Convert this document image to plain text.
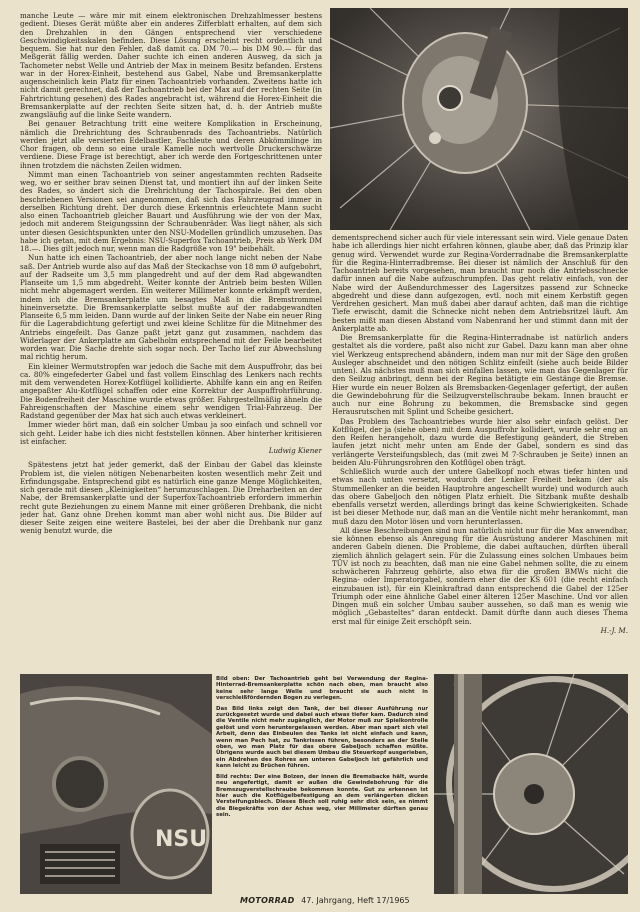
manche Leute — wäre mir mit einem elektronischen Drehzahlmesser bestens gedient. Dieses Gerät müßte aber ein anderes Zifferblatt erhalten, auf dem sich den Drehzahlen in den Gängen entsprechend vier verschiedene Geschwindigkeitsskalen befinden. Diese Lösung erscheint recht ordentlich und bequem. Sie hat nur den Fehler, daß damit ca. DM 70.— bis DM 90.— für das Meßgerät fällig werden. Daher suchte ich einen anderen Ausweg, da sich ja Tachometer nebst Welle und Antrieb der Max in meinem Besitz befanden. Erstens war in der Horex-Einheit, bestehend aus Gabel, Nabe und Bremsankerplatte augenscheinlich kein Platz für einen Tachoantrieb vorhanden. Zweitens hatte ich nicht damit gerechnet, daß der Tachoantrieb bei der Max auf der rechten Seite (in Fahrtrichtung gesehen) des Rades angebracht ist, während die Horex-Einheit die Bremsankerplatte auf der rechten Seite sitzen hat, d. h. der Antrieb mußte zwangsläufig auf die linke Seite wandern.

Bei genauer Betrachtung tritt eine weitere Komplikation in Erscheinung, nämlich die Drehrichtung des Schraubenrads des Tachoantriebs. Natürlich werden jetzt alle versierten Edelbastler, Fachleute und deren Abkömmlinge im Chor fragen, ob denn so eine urale Kamelle noch wertvolle Druckerschwärze verdiene. Diese Frage ist berechtigt, aber ich werde den Fortgeschrittenen unter ihnen trotzdem die nächsten Zeilen widmen.

Nimmt man einen Tachoantrieb von seiner angestammten rechten Radseite weg, wo er seither brav seinen Dienst tat, und montiert ihn auf der linken Seite des Rades, so ändert sich die Drehrichtung der Tachospirale. Bei den oben beschriebenen Versionen sei angenommen, daß sich das Fahrzeugrad immer in derselben Richtung dreht. Der durch diese Erkenntnis erleuchtete Mann sucht also einen Tachoantrieb gleicher Bauart und Ausführung wie der von der Max, jedoch mit anderem Steigungssinn der Schraubenräder. Was liegt näher, als sich unter diesen Gesichtspunkten unter den NSU-Modellen gründlich umzusehen. Das habe ich getan, mit dem Ergebnis: NSU-Superfox Tachoantrieb, Preis ab Werk DM 18.—. Dies gilt jedoch nur, wenn man die Radgröße von 19" beibehält.

Nun hatte ich einen Tachoantrieb, der aber noch lange nicht neben der Nabe saß. Der Antrieb wurde also auf das Maß der Steckachse von 18 mm Ø aufgebohrt, auf der Radseite um 3,5 mm plangedreht und auf der dem Rad abgewandten Planseite um 1,5 mm abgedreht. Weiter konnte der Antrieb beim besten Willen nicht mehr abgemagert werden. Ein weiterer Millimeter konnte erkämpft werden, indem ich die Bremsankerplatte um besagtes Maß in die Bremstrommel hineinversetzte. Die Bremsankerplatte selbst mußte auf der radabgewandten Planseite 6,5 mm leiden. Dann wurde auf der linken Seite der Nabe ein neuer Ring für die Lagerabdichtung gefertigt und zwei kleine Schlitze für die Mitnehmer des Antriebs eingefeilt. Das Ganze paßt jetzt ganz gut zusammen, nachdem das Widerlager der Ankerplatte am Gabelholm entsprechend mit der Feile bearbeitet worden war. Die Sache drehte sich sogar noch. Der Tacho lief zur Abwechslung mal richtig herum.

Ein kleiner Wermutstropfen war jedoch die Sache mit dem Auspuffrohr, das bei ca. 80% eingefederter Gabel und fast vollem Einschlag des Lenkers nach rechts mit dem verwendeten Horex-Kotflügel kollidierte. Abhilfe kann ein ang en Reifen angepaßter Alu-Kotflügel schaffen oder eine Korrektur der Auspuffrohrführung. Die Bodenfreiheit der Maschine wurde etwas größer. Fahrgestellmäßig ähneln die Fahreigenschaften der Maschine einem sehr wendigen Trial-Fahrzeug. Der Radstand gegenüber der Max hat sich auch etwas verkleinert.

Immer wieder hört man, daß ein solcher Umbau ja soo einfach und schnell vor sich geht. Leider habe ich dies nicht feststellen können. Aber hinterher kritisieren ist einfacher.

Ludwig Kiener

Spätestens jetzt hat jeder gemerkt, daß der Einbau der Gabel das kleinste Problem ist, die vielen nötigen Nebenarbeiten kosten wesentlich mehr Zeit und Erfindungsgabe. Entsprechend gibt es natürlich eine ganze Menge Möglichkeiten, sich gerade mit diesen „Kleinigkeiten“ herumzuschlagen. Die Dreharbeiten an der Nabe, der Bremsankerplatte und der Superfox-Tachoantrieb erfordern immerhin recht gute Beziehungen zu einem Manne mit einer größeren Drehbank, die nicht jeder hat. Ganz ohne Drehen kommt man aber wohl nicht aus. Die Bilder auf dieser Seite zeigen eine weitere Bastelei, bei der aber die Drehbank nur ganz wenig benutzt wurde, die

dementsprechend sicher auch für viele interessant sein wird. Viele genaue Daten habe ich allerdings hier nicht erfahren können, glaube aber, daß das Prinzip klar genug wird. Verwendet wurde zur Regina-Vorderradnabe die Bremsankerplatte für die Regina-Hinterradbremse. Bei dieser ist nämlich der Anschluß für den Tachoantrieb bereits vorgesehen, man braucht nur noch die Antriebsschnecke dafür innen auf die Nabe aufzuschrumpfen. Das geht relativ einfach, von der Nabe wird der Außendurchmesser des Lagersitzes passend zur Schnecke abgedreht und diese dann aufgezogen, evtl. noch mit einem Kerbstift gegen Verdrehen gesichert. Man muß dabei aber darauf achten, daß man die richtige Tiefe erwischt, damit die Schnecke nicht neben dem Antriebsritzel läuft. Am besten mißt man diesen Abstand vom Nabenrand her und stimmt dann mit der Ankerplatte ab.

Die Bremsankerplatte für die Regina-Hinterradnabe ist natürlich anders gestaltet als die vordere, paßt also nicht zur Gabel. Dazu kann man aber ohne viel Werkzeug entsprechend abändern, indem man nur mit der Säge den großen Ausleger abschneidet und den nötigen Schlitz einfeilt (siehe auch beide Bilder unten). Als nächstes muß man sich einfallen lassen, wie man das Gegenlager für den Seilzug anbringt, denn bei der Regina betätigte ein Gestänge die Bremse. Hier wurde ein neuer Bolzen als Bremsbacken-Gegenlager gefertigt, der außen die Gewindebohrung für die Seilzugverstellschraube bekam. Innen braucht er auch nur eine Bohrung zu bekommen, die Bremsbacke sind gegen Herausrutschen mit Splint und Scheibe gesichert.

Das Problem des Tachoantriebes wurde hier also sehr einfach gelöst. Der Kotflügel, der ja (siehe oben) mit dem Auspuffrohr kollidiert, wurde sehr eng an den Reifen herangeholt, dazu wurde die Befestigung geändert, die Streben laufen jetzt nicht mehr unten am Ende der Gabel, sondern es sind das verlängerte Versteifungsblech, das (mit zwei M 7-Schrauben je Seite) innen an beiden Alu-Führungsrohren den Kotflügel oben trägt.

Schließlich wurde auch der untere Gabelkopf noch etwas tiefer hinten und etwas nach unten versetzt, wodurch der Lenker Freiheit bekam (der als Stummellenker an die beiden Hauptrohre angeschellt wurde) und wodurch auch das obere Gabeljoch den nötigen Platz erhielt. Die Sitzbank mußte deshalb ebenfalls versetzt werden, allerdings bringt das keine Schwierigkeiten. Schade ist bei dieser Methode nur, daß man an die Ventile nicht mehr herankommt, man muß dazu den Motor lösen und vorn herunterlassen.

All diese Beschreibungen sind nun natürlich nicht nur für die Max anwendbar, sie können ebenso als Anregung für die Ausrüstung anderer Maschinen mit anderen Gabeln dienen. Die Probleme, die dabei auftauchen, dürften überall ziemlich ähnlich gelagert sein. Für die Zulassung eines solchen Umbaues beim TÜV ist noch zu beachten, daß man nie eine Gabel nehmen sollte, die zu einem schwächeren Fahrzeug gehörte, also etwa für die großen BMWs nicht die Regina- oder Imperatorgabel, sondern eher die der KS 601 (die recht einfach einzubauen ist), für ein Kleinkraftrad dann entsprechend die Gabel der 125er Triumph oder eine ähnliche Gabel einer älteren 125er Maschine. Und vor allen Dingen muß ein solcher Umbau sauber aussehen, so daß man es wenig wie möglich „Gebasteltes“ daran entdeckt. Damit dürfte dann auch dieses Thema erst mal für einige Zeit erschöpft sein.

H.-J. M.
NSU

Bild oben: Der Tachoantrieb geht bei Verwendung der Regina-Hinterrad-Bremsankerplatte schön nach oben, man braucht also keine sehr lange Welle und braucht sie auch nicht in verschleißfördernden Bogen zu verlegen.

Das Bild links zeigt den Tank, der bei dieser Ausführung nur zurückgesetzt wurde und dabei auch etwas tiefer kam. Dadurch sind die Ventile nicht mehr zugänglich, der Motor muß zur Spielkontrolle gelöst und vorn heruntergelassen werden. Aber man spart sich viel Arbeit, denn das Einbeulen des Tanks ist nicht einfach und kann, wenn man Pech hat, zu Tankrissen führen, besonders an der Stelle oben, wo man Platz für das obere Gabeljoch schaffen müßte. Übrigens wurde auch bei diesem Umbau die Steuerkopf ausgerieben, ein Abdrehen des Rohres am unteren Gabeljoch ist gefährlich und kann leicht zu Brüchen führen.

Bild rechts: Der eine Bolzen, der innen die Bremsbacke hält, wurde neu angefertigt, damit er außen die Gewindebohrung für die Bremszugverstellschraube bekommen konnte. Gut zu erkennen ist hier auch die Kotflügelbefestigung an dem verlängerten dicken Versteifungsblech. Dieses Blech soll ruhig sehr dick sein, es nimmt die Biegekräfte von der Achse weg, vier Millimeter dürften genau sein.

MOTORRAD 47. Jahrgang, Heft 17/1965
